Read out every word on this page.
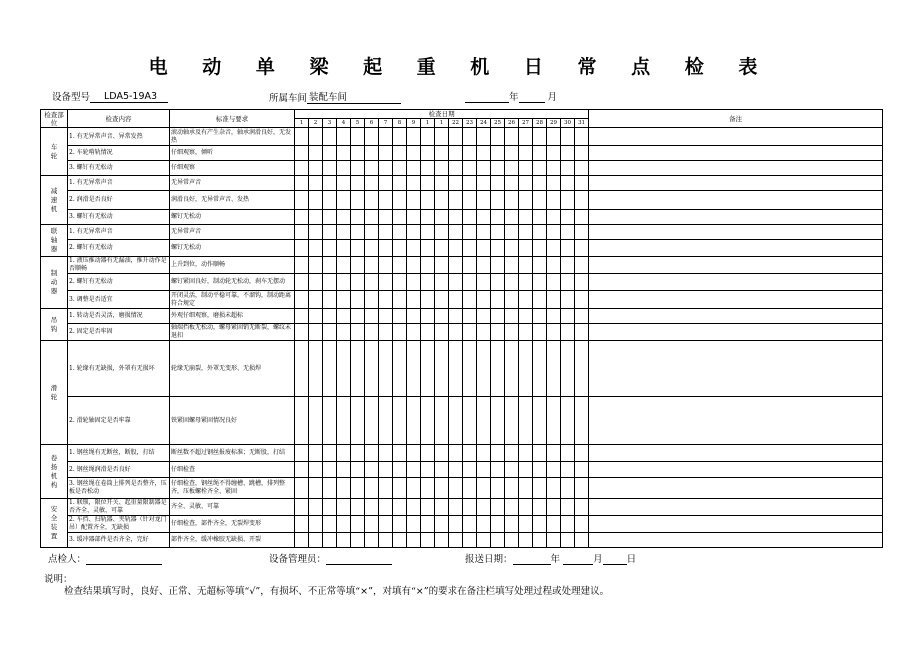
电 动 单 梁 起 重 机 日 常 点 检 表
设备型号 LDA5-19A3	所属车间 装配车间	年	月
检查部位	检查内容	标准与要求	检查日期																					备注
			1	2	3	4	5	6	7	8	9	1	1	22	23	24	25	26	27	28	29	30	31	
车轮	1. 有无异常声音、异常发热	滚动轴承及有产生杂音，轴承润滑良好，无发热																						
	2. 车轮啃轨情况	仔细观察，倾听																						
	3. 螺钉有无松动	仔细观察																						
减速机	1. 有无异常声音	无异常声音																						
	2. 润滑是否良好	润滑良好，无异常声音、发热																						
	3. 螺钉有无松动	螺钉无松动																						
联轴器	1. 有无异常声音	无异常声音																						
	2. 螺钉有无松动	螺钉无松动																						
制动器	1. 液压推动器有无漏油，推升动作是否顺畅	上升到位，动作顺畅																						
	2. 螺钉有无松动	螺钉紧固良好，制动轮无松动，刹车无摆动																						
	3. 调整是否适宜	开闭灵活，制动平稳可靠，不溜钩，制动距离符合规定																						
吊钩	1. 转动是否灵活，磨损情况	外观仔细观察，磨损未超标																						
	2. 固定是否牢固	轴端挡板无松动，螺母紧固销无断裂，螺纹未退扣																						
滑轮	1. 轮缘有无缺损，外罩有无损坏	轮缘无崩裂，外罩无变形、无损焊																						
	2. 滑轮轴固定是否牢靠	铁紧固螺母紧固情况良好																						
卷扬机构	1. 钢丝绳有无断丝，断股，打结	断丝数不超过钢丝报废标准；无断股，打结																						
	2. 钢丝绳润滑是否良好	仔细检查																						
	3. 钢丝绳在卷筒上排列是否整齐，压板是否松动	仔细检查，钢丝绳不得缠槽、跳槽，排列整齐，压板螺栓齐全、紧固																						
安全装置	1. 联锁，限位开关、起重量限制器是否齐全、灵敏、可靠	齐全、灵敏、可靠																						
	2. 车挡、扫轨器、夹轨器（针对龙门吊）配置齐全，无缺损	仔细检查，部件齐全，无裂焊变形																						
	3. 缓冲器部件是否齐全，完好	部件齐全，缓冲橡胶无缺损、开裂																						
点检人：	设备管理员：	报送日期：	年	月	日
说明：
检查结果填写时，良好、正常、无超标等填“√”，有损坏、不正常等填“×”，对填有“×”的要求在备注栏填写处理过程或处理建议。
